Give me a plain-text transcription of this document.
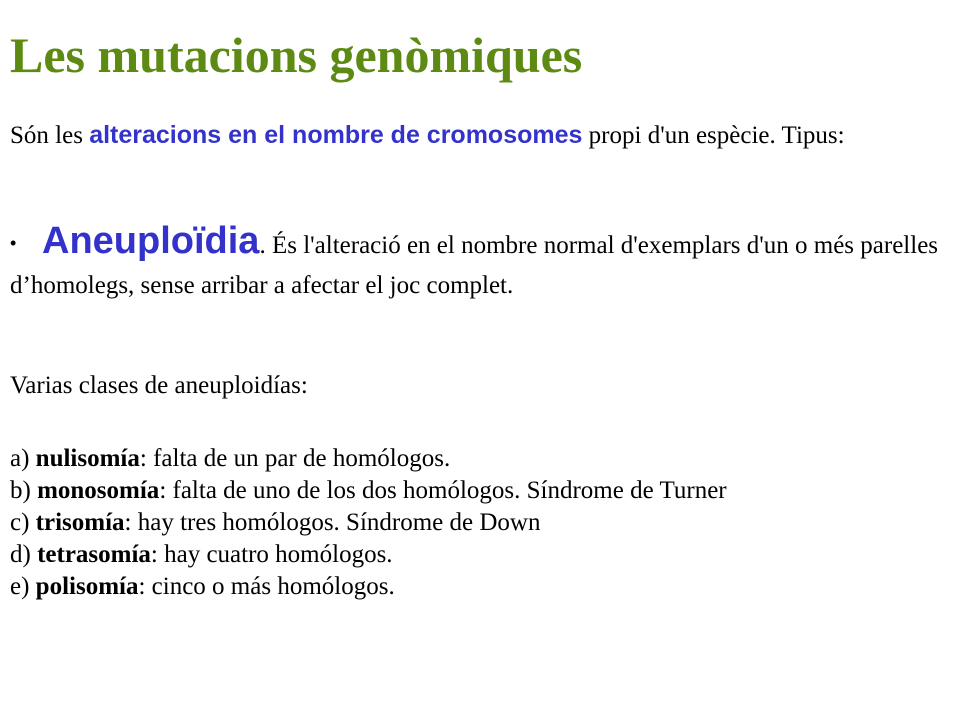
Les mutacions genòmiques

Són les alteracions en el nombre de cromosomes propi d'un espècie. Tipus:

• Aneuploïdia. És l'alteració en el nombre normal d'exemplars d'un o més parelles d’homolegs, sense arribar a afectar el joc complet.

Varias clases de aneuploidías:

a) nulisomía: falta de un par de homólogos.
b) monosomía: falta de uno de los dos homólogos. Síndrome de Turner
c) trisomía: hay tres homólogos. Síndrome de Down
d) tetrasomía: hay cuatro homólogos.
e) polisomía: cinco o más homólogos.
